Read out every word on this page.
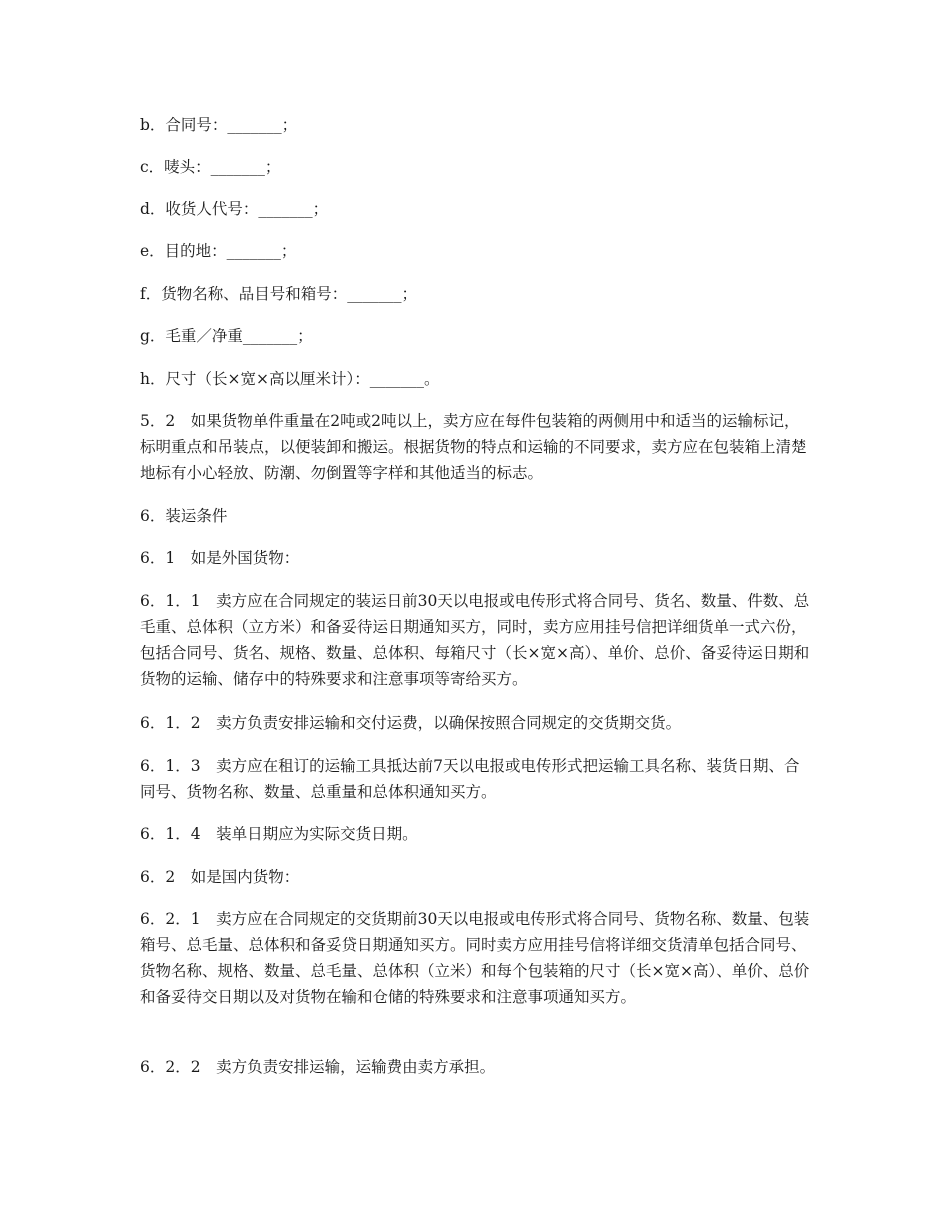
b．合同号：_______；

c．唛头：_______；

d．收货人代号：_______；

e．目的地：_______；

f．货物名称、品目号和箱号：_______；

g．毛重／净重_______；

h．尺寸（长×宽×高以厘米计）：_______。

5．2　如果货物单件重量在2吨或2吨以上，卖方应在每件包装箱的两侧用中和适当的运输标记，标明重点和吊装点，以便装卸和搬运。根据货物的特点和运输的不同要求，卖方应在包装箱上清楚地标有小心轻放、防潮、勿倒置等字样和其他适当的标志。

6．装运条件

6．1　如是外国货物：

6．1．1　卖方应在合同规定的装运日前30天以电报或电传形式将合同号、货名、数量、件数、总毛重、总体积（立方米）和备妥待运日期通知买方，同时，卖方应用挂号信把详细货单一式六份，包括合同号、货名、规格、数量、总体积、每箱尺寸（长×宽×高）、单价、总价、备妥待运日期和货物的运输、储存中的特殊要求和注意事项等寄给买方。

6．1．2　卖方负责安排运输和交付运费，以确保按照合同规定的交货期交货。

6．1．3　卖方应在租订的运输工具抵达前7天以电报或电传形式把运输工具名称、装货日期、合同号、货物名称、数量、总重量和总体积通知买方。

6．1．4　装单日期应为实际交货日期。

6．2　如是国内货物：

6．2．1　卖方应在合同规定的交货期前30天以电报或电传形式将合同号、货物名称、数量、包装箱号、总毛量、总体积和备妥贷日期通知买方。同时卖方应用挂号信将详细交货清单包括合同号、货物名称、规格、数量、总毛量、总体积（立米）和每个包装箱的尺寸（长×宽×高）、单价、总价和备妥待交日期以及对货物在输和仓储的特殊要求和注意事项通知买方。

6．2．2　卖方负责安排运输，运输费由卖方承担。
